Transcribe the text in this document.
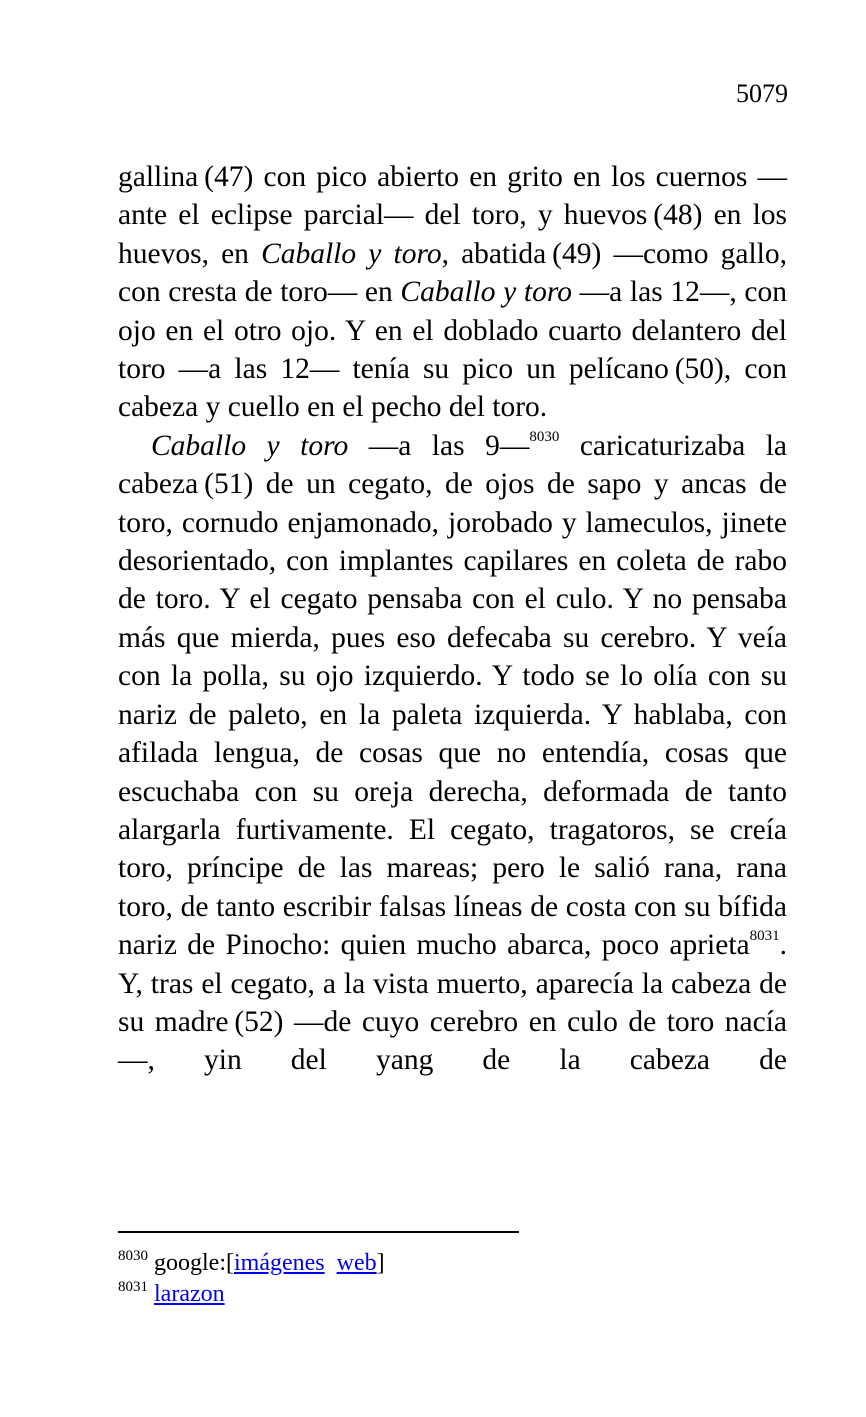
5079

gallina (47) con pico abierto en grito en los cuernos —ante el eclipse parcial— del toro, y huevos (48) en los huevos, en Caballo y toro, abatida (49) —como gallo, con cresta de toro— en Caballo y toro —a las 12—, con ojo en el otro ojo. Y en el doblado cuarto delantero del toro —a las 12— tenía su pico un pelícano (50), con cabeza y cuello en el pecho del toro.

Caballo y toro —a las 9—$^{8030}$ caricaturizaba la cabeza (51) de un cegato, de ojos de sapo y ancas de toro, cornudo enjamonado, jorobado y lameculos, jinete desorientado, con implantes capilares en coleta de rabo de toro. Y el cegato pensaba con el culo. Y no pensaba más que mierda, pues eso defecaba su cerebro. Y veía con la polla, su ojo izquierdo. Y todo se lo olía con su nariz de paleto, en la paleta izquierda. Y hablaba, con afilada lengua, de cosas que no entendía, cosas que escuchaba con su oreja derecha, deformada de tanto alargarla furtivamente. El cegato, tragatoros, se creía toro, príncipe de las mareas; pero le salió rana, rana toro, de tanto escribir falsas líneas de costa con su bífida nariz de Pinocho: quien mucho abarca, poco aprieta$^{8031}$. Y, tras el cegato, a la vista muerto, aparecía la cabeza de su madre (52) —de cuyo cerebro en culo de toro nacía—, yin del yang de la cabeza de

$^{8030}$ google:[imágenes web]
$^{8031}$ larazon
